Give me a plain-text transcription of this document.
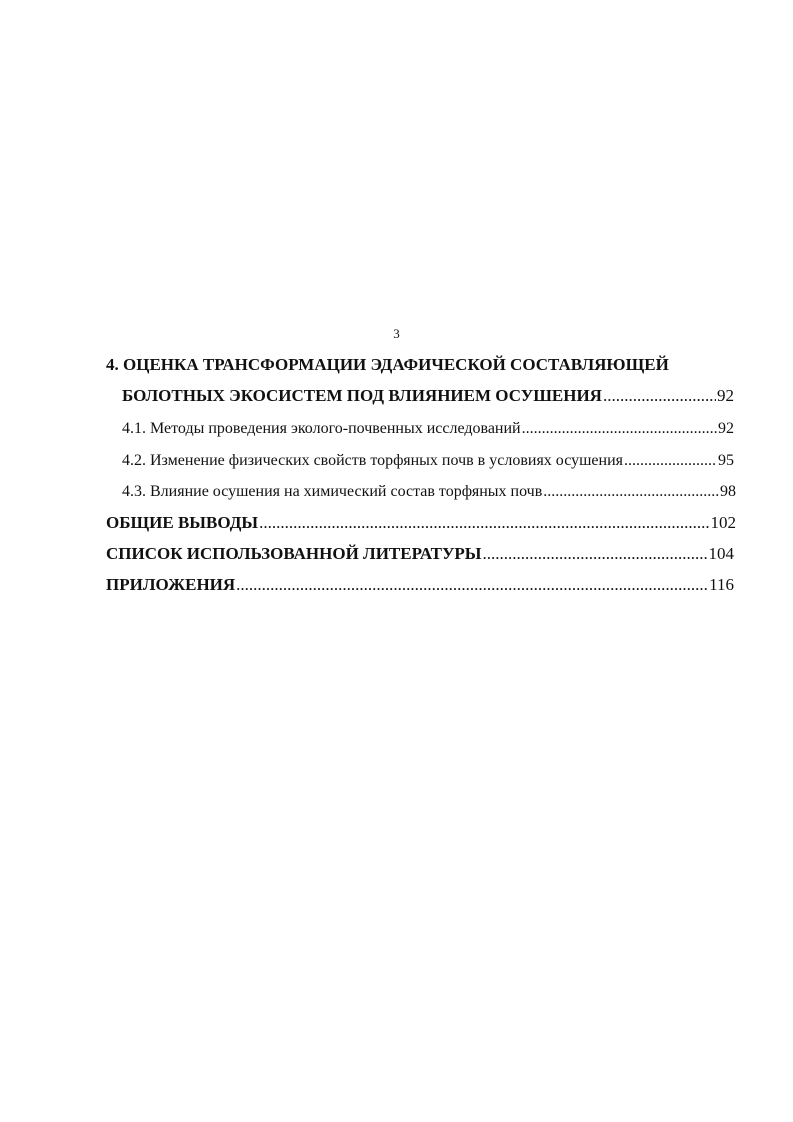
3
4. ОЦЕНКА ТРАНСФОРМАЦИИ ЭДАФИЧЕСКОЙ СОСТАВЛЯЮЩЕЙ
БОЛОТНЫХ ЭКОСИСТЕМ ПОД ВЛИЯНИЕМ ОСУШЕНИЯ .....	92
4.1. Методы проведения эколого-почвенных исследований .....	92
4.2. Изменение физических свойств торфяных почв в условиях осушения .....	95
4.3. Влияние осушения на химический состав торфяных почв .....	98
ОБЩИЕ ВЫВОДЫ .....	102
СПИСОК ИСПОЛЬЗОВАННОЙ ЛИТЕРАТУРЫ .....	104
ПРИЛОЖЕНИЯ .....	116
